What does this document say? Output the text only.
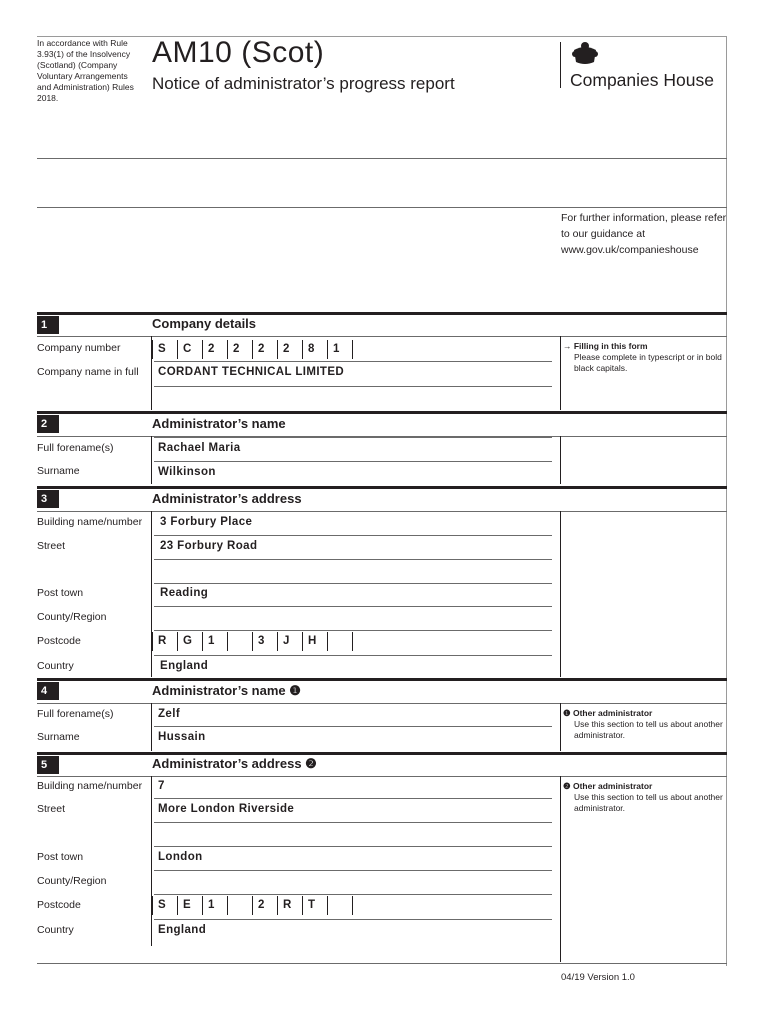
In accordance with Rule 3.93(1) of the Insolvency (Scotland) (Company Voluntary Arrangements and Administration) Rules 2018.
AM10 (Scot)
Notice of administrator’s progress report	Companies House
For further information, please refer to our guidance at www.gov.uk/companieshouse
1	Company details
Company number	S	C	2	2	2	2	8	1
Company name in full CORDANT TECHNICAL LIMITED
→ Filling in this form
Please complete in typescript or in bold black capitals.
2	Administrator’s name
Full forename(s)	Rachael Maria
Surname	Wilkinson
3	Administrator’s address
Building name/number 3 Forbury Place
Street	23 Forbury Road
Post town	Reading
County/Region
Postcode	R	G	1	3	J	H
Country	England
4	Administrator’s name ❶
Full forename(s)	Zelf
Surname	Hussain
❶ Other administrator
Use this section to tell us about another administrator.
5	Administrator’s address ❷
Building name/number 7
Street	More London Riverside
Post town	London
County/Region
Postcode	S	E	1	2	R	T
Country	England
❷ Other administrator
Use this section to tell us about another administrator.
04/19 Version 1.0
